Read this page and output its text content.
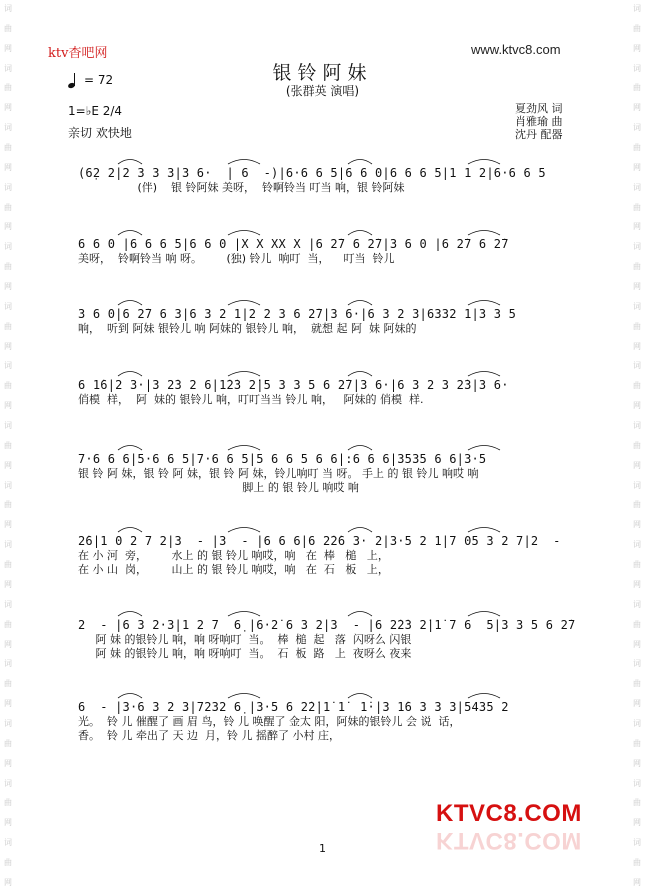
词
曲
网
词
曲
网
词
曲
网
词
曲
网
词
曲
网
词
曲
网
词
曲
网
词
曲
网
词
曲
网
词
曲
网
词
曲
网
词
曲
网
词
曲
网
词
曲
网
词
曲
网
词
曲
网
词
曲
网
词
曲
网
词
曲
网
词
曲
网
词
曲
网
词
曲
网
词
曲
网
词
曲
网
词
曲
网
词
曲
网
词
曲
网
词
曲
网
词
曲
网
词
曲
网
ktv杳吧网	www.ktvc8.com
银铃阿妹
(张群英 演唱)
= 72
1=♭E 2/4
亲切 欢快地
夏劲风 词
肖雅瑜 曲
沈丹 配器
(6̣2 2|2 3 3 3|3 6·  | 6  -)|6·6 6 5|6 6 0|6 6 6 5|1 1 2|6·6 6 5
(伴)    银 铃阿妹 美呀，  铃啊铃当 叮当 响，银 铃阿妹
6 6 0 |6 6 6 5|6 6 0 |X X XX X |6 2̇7 6 2̇7|3 6 0 |6 2̇7 6 2̇7
美呀，  铃啊铃当 响 呀。       (独) 铃儿  响叮  当，    叮当  铃儿
3 6 0|6 2̇7 6 3|6 3 2 1|2 2 3 6 2̇7|3 6·|6 3 2 3|6332 1|3 3 5
响，  听到 阿妹 银铃儿 响 阿妹的 银铃儿 响，  就想 起 阿  妹 阿妹的
6 1̇6|2 3·|3 2̇3 2 6|1̇2̇3 2̇|5 3 3 5 6 2̇7|3 6·|6 3 2 3 2̇3|3 6·
俏模  样，  阿  妹的 银铃儿 响，叮叮当当 铃儿 响，   阿妹的 俏模  样.
7·6 6 6|5·6 6 5|7·6 6 5|5 6 6 5 6 6|:6 6 6|3535 6 6|3·5
银 铃 阿 妹，银 铃 阿 妹，银 铃 阿 妹，铃儿响叮 当 呀。 手上 的 银 铃儿 响哎 响
脚上 的 银 铃儿 响哎 响
2̇6|1 0 2 7 2|3  - |3  - |6 6 6|6 2̇2̇6 3· 2|3·5 2 1|7 05 3 2 7|2  -
在 小 河  旁，       水上 的 银 铃儿 响哎，响   在  棒   槌   上，
在 小 山  岗，       山上 的 银 铃儿 响哎，响   在  石   板   上，
2  - |6 3 2·3|1 2 7  6̣ |6·2̇ 6 3 2|3  - |6 2̇2̇3 2̇|1̇ 7 6  5|3 3 5 6 2̇7
阿 妹 的银铃儿 响，响 呀响叮  当。  棒  槌  起   落  闪呀么 闪银
阿 妹 的银铃儿 响，响 呀响叮  当。  石  板  路   上  夜呀么 夜来
6  - |3·6 3 2 3|7232 6̣ |3·5 6 2̇2̇|1̇ 1̇  1̇·|3 1̇6 3 3 3|5435 2
光。  铃 儿 催醒了 画 眉 鸟，铃 儿 唤醒了 金太 阳，阿妹的银铃儿 会 说  话，
香。  铃 儿 牵出了 天 边  月，铃 儿 摇醉了 小村 庄，
KTVC8.COM
KTVC8.COM
1
